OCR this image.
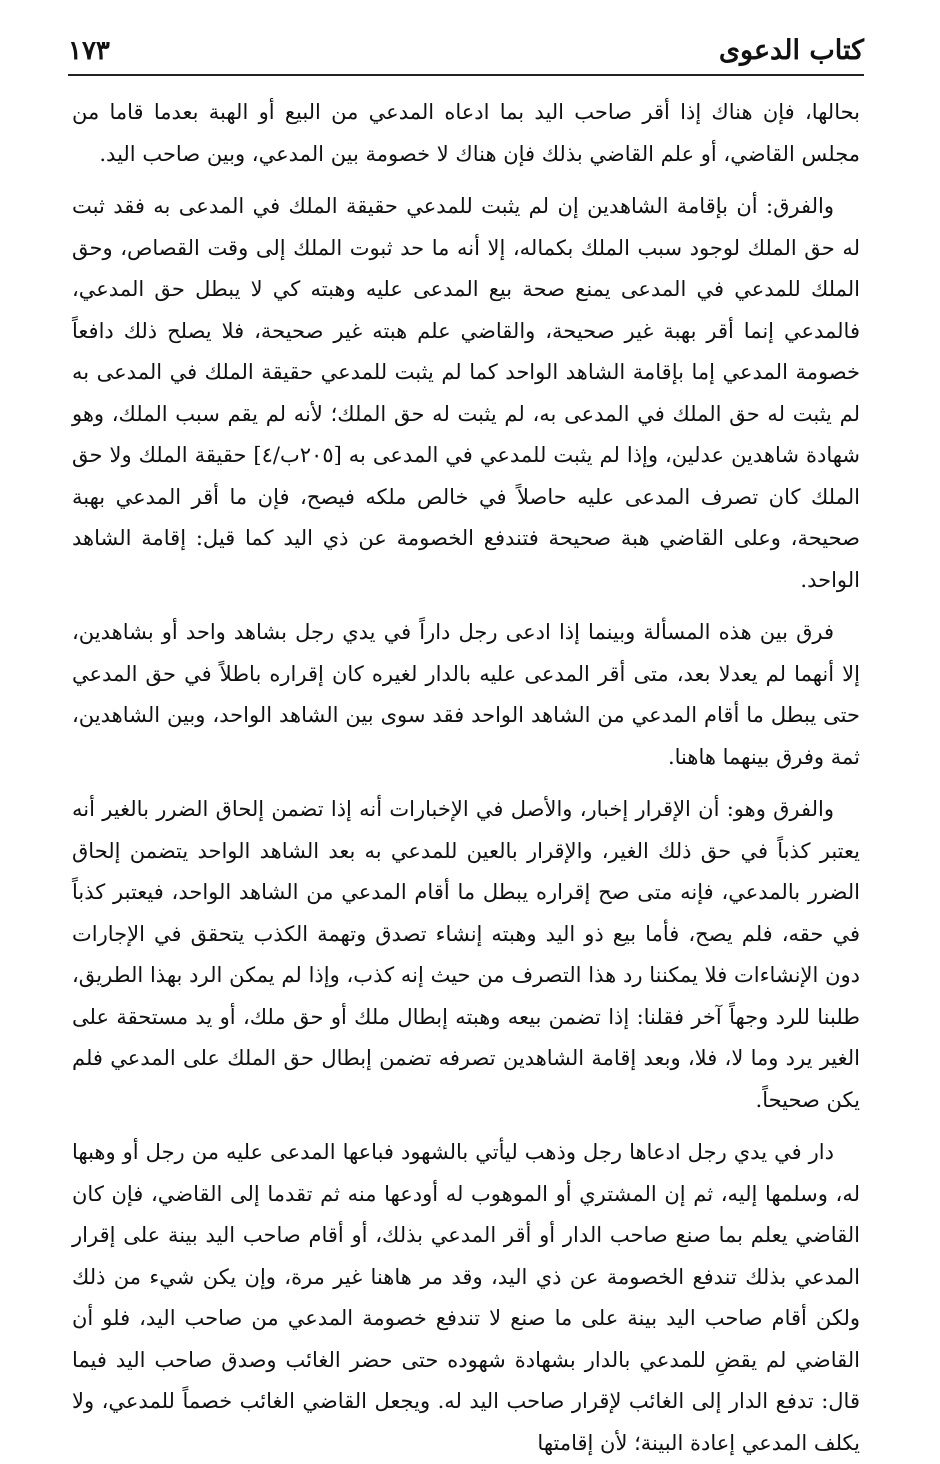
كتاب الدعوى
١٧٣

بحالها، فإن هناك إذا أقر صاحب اليد بما ادعاه المدعي من البيع أو الهبة بعدما قاما من مجلس القاضي، أو علم القاضي بذلك فإن هناك لا خصومة بين المدعي، وبين صاحب اليد.

والفرق: أن بإقامة الشاهدين إن لم يثبت للمدعي حقيقة الملك في المدعى به فقد ثبت له حق الملك لوجود سبب الملك بكماله، إلا أنه ما حد ثبوت الملك إلى وقت القصاص، وحق الملك للمدعي في المدعى يمنع صحة بيع المدعى عليه وهبته كي لا يبطل حق المدعي، فالمدعي إنما أقر بهبة غير صحيحة، والقاضي علم هبته غير صحيحة، فلا يصلح ذلك دافعاً خصومة المدعي إما بإقامة الشاهد الواحد كما لم يثبت للمدعي حقيقة الملك في المدعى به لم يثبت له حق الملك في المدعى به، لم يثبت له حق الملك؛ لأنه لم يقم سبب الملك، وهو شهادة شاهدين عدلين، وإذا لم يثبت للمدعي في المدعى به [٢٠٥ب/٤] حقيقة الملك ولا حق الملك كان تصرف المدعى عليه حاصلاً في خالص ملكه فيصح، فإن ما أقر المدعي بهبة صحيحة، وعلى القاضي هبة صحيحة فتندفع الخصومة عن ذي اليد كما قيل: إقامة الشاهد الواحد.

فرق بين هذه المسألة وبينما إذا ادعى رجل داراً في يدي رجل بشاهد واحد أو بشاهدين، إلا أنهما لم يعدلا بعد، متى أقر المدعى عليه بالدار لغيره كان إقراره باطلاً في حق المدعي حتى يبطل ما أقام المدعي من الشاهد الواحد فقد سوى بين الشاهد الواحد، وبين الشاهدين، ثمة وفرق بينهما هاهنا.

والفرق وهو: أن الإقرار إخبار، والأصل في الإخبارات أنه إذا تضمن إلحاق الضرر بالغير أنه يعتبر كذباً في حق ذلك الغير، والإقرار بالعين للمدعي به بعد الشاهد الواحد يتضمن إلحاق الضرر بالمدعي، فإنه متى صح إقراره يبطل ما أقام المدعي من الشاهد الواحد، فيعتبر كذباً في حقه، فلم يصح، فأما بيع ذو اليد وهبته إنشاء تصدق وتهمة الكذب يتحقق في الإجارات دون الإنشاءات فلا يمكننا رد هذا التصرف من حيث إنه كذب، وإذا لم يمكن الرد بهذا الطريق، طلبنا للرد وجهاً آخر فقلنا: إذا تضمن بيعه وهبته إبطال ملك أو حق ملك، أو يد مستحقة على الغير يرد وما لا، فلا، وبعد إقامة الشاهدين تصرفه تضمن إبطال حق الملك على المدعي فلم يكن صحيحاً.

دار في يدي رجل ادعاها رجل وذهب ليأتي بالشهود فباعها المدعى عليه من رجل أو وهبها له، وسلمها إليه، ثم إن المشتري أو الموهوب له أودعها منه ثم تقدما إلى القاضي، فإن كان القاضي يعلم بما صنع صاحب الدار أو أقر المدعي بذلك، أو أقام صاحب اليد بينة على إقرار المدعي بذلك تندفع الخصومة عن ذي اليد، وقد مر هاهنا غير مرة، وإن يكن شيء من ذلك ولكن أقام صاحب اليد بينة على ما صنع لا تندفع خصومة المدعي من صاحب اليد، فلو أن القاضي لم يقضِ للمدعي بالدار بشهادة شهوده حتى حضر الغائب وصدق صاحب اليد فيما قال: تدفع الدار إلى الغائب لإقرار صاحب اليد له. ويجعل القاضي الغائب خصماً للمدعي، ولا يكلف المدعي إعادة البينة؛ لأن إقامتها
